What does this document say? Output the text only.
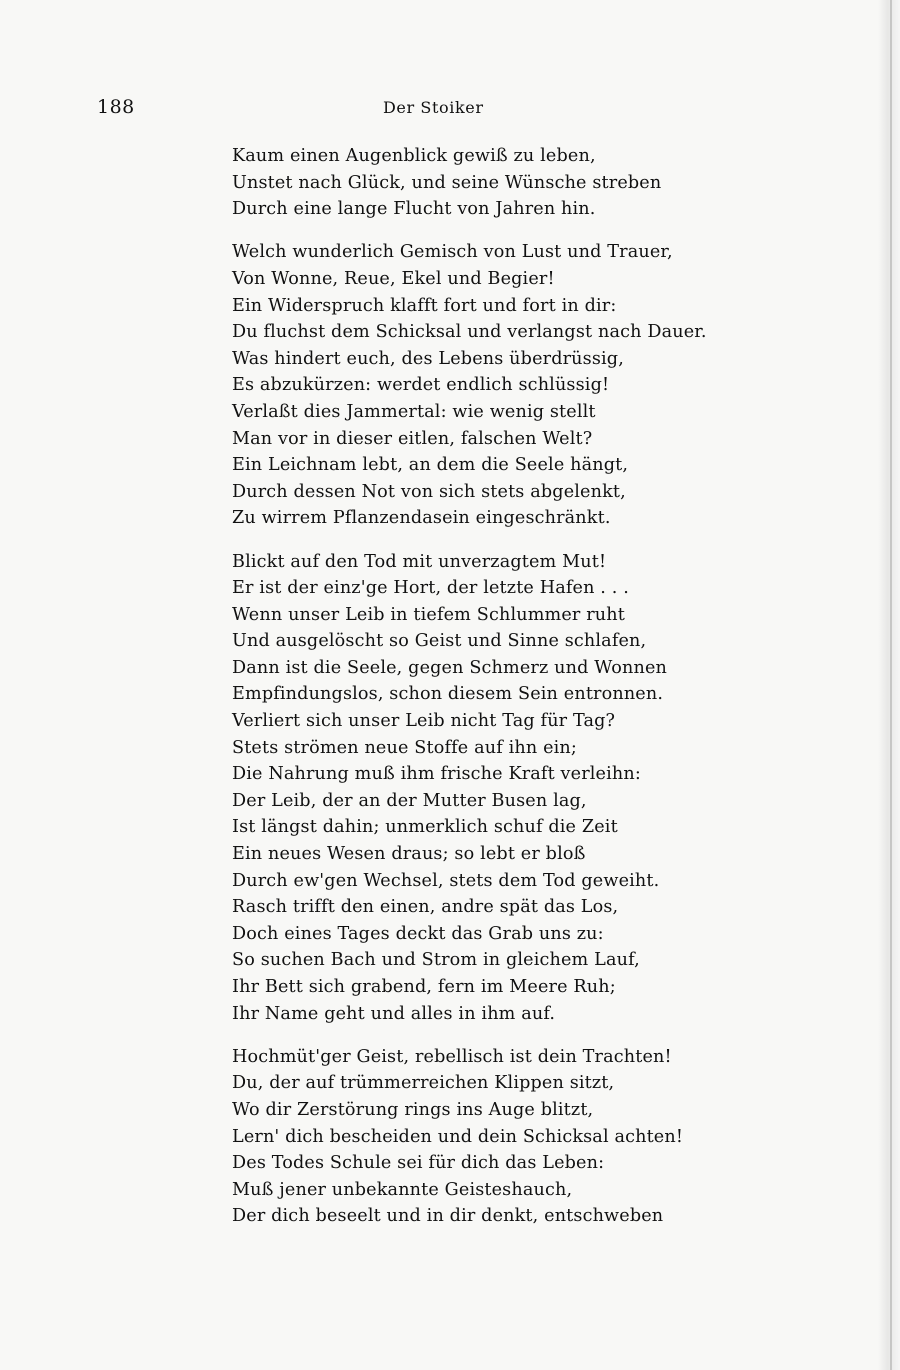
188	Der Stoiker
Kaum einen Augenblick gewiß zu leben,
Unstet nach Glück, und seine Wünsche streben
Durch eine lange Flucht von Jahren hin.
Welch wunderlich Gemisch von Lust und Trauer,
Von Wonne, Reue, Ekel und Begier!
Ein Widerspruch klafft fort und fort in dir:
Du fluchst dem Schicksal und verlangst nach Dauer.
Was hindert euch, des Lebens überdrüssig,
Es abzukürzen: werdet endlich schlüssig!
Verlaßt dies Jammertal: wie wenig stellt
Man vor in dieser eitlen, falschen Welt?
Ein Leichnam lebt, an dem die Seele hängt,
Durch dessen Not von sich stets abgelenkt,
Zu wirrem Pflanzendasein eingeschränkt.
Blickt auf den Tod mit unverzagtem Mut!
Er ist der einz'ge Hort, der letzte Hafen . . .
Wenn unser Leib in tiefem Schlummer ruht
Und ausgelöscht so Geist und Sinne schlafen,
Dann ist die Seele, gegen Schmerz und Wonnen
Empfindungslos, schon diesem Sein entronnen.
Verliert sich unser Leib nicht Tag für Tag?
Stets strömen neue Stoffe auf ihn ein;
Die Nahrung muß ihm frische Kraft verleihn:
Der Leib, der an der Mutter Busen lag,
Ist längst dahin; unmerklich schuf die Zeit
Ein neues Wesen draus; so lebt er bloß
Durch ew'gen Wechsel, stets dem Tod geweiht.
Rasch trifft den einen, andre spät das Los,
Doch eines Tages deckt das Grab uns zu:
So suchen Bach und Strom in gleichem Lauf,
Ihr Bett sich grabend, fern im Meere Ruh;
Ihr Name geht und alles in ihm auf.
Hochmüt'ger Geist, rebellisch ist dein Trachten!
Du, der auf trümmerreichen Klippen sitzt,
Wo dir Zerstörung rings ins Auge blitzt,
Lern' dich bescheiden und dein Schicksal achten!
Des Todes Schule sei für dich das Leben:
Muß jener unbekannte Geisteshauch,
Der dich beseelt und in dir denkt, entschweben
